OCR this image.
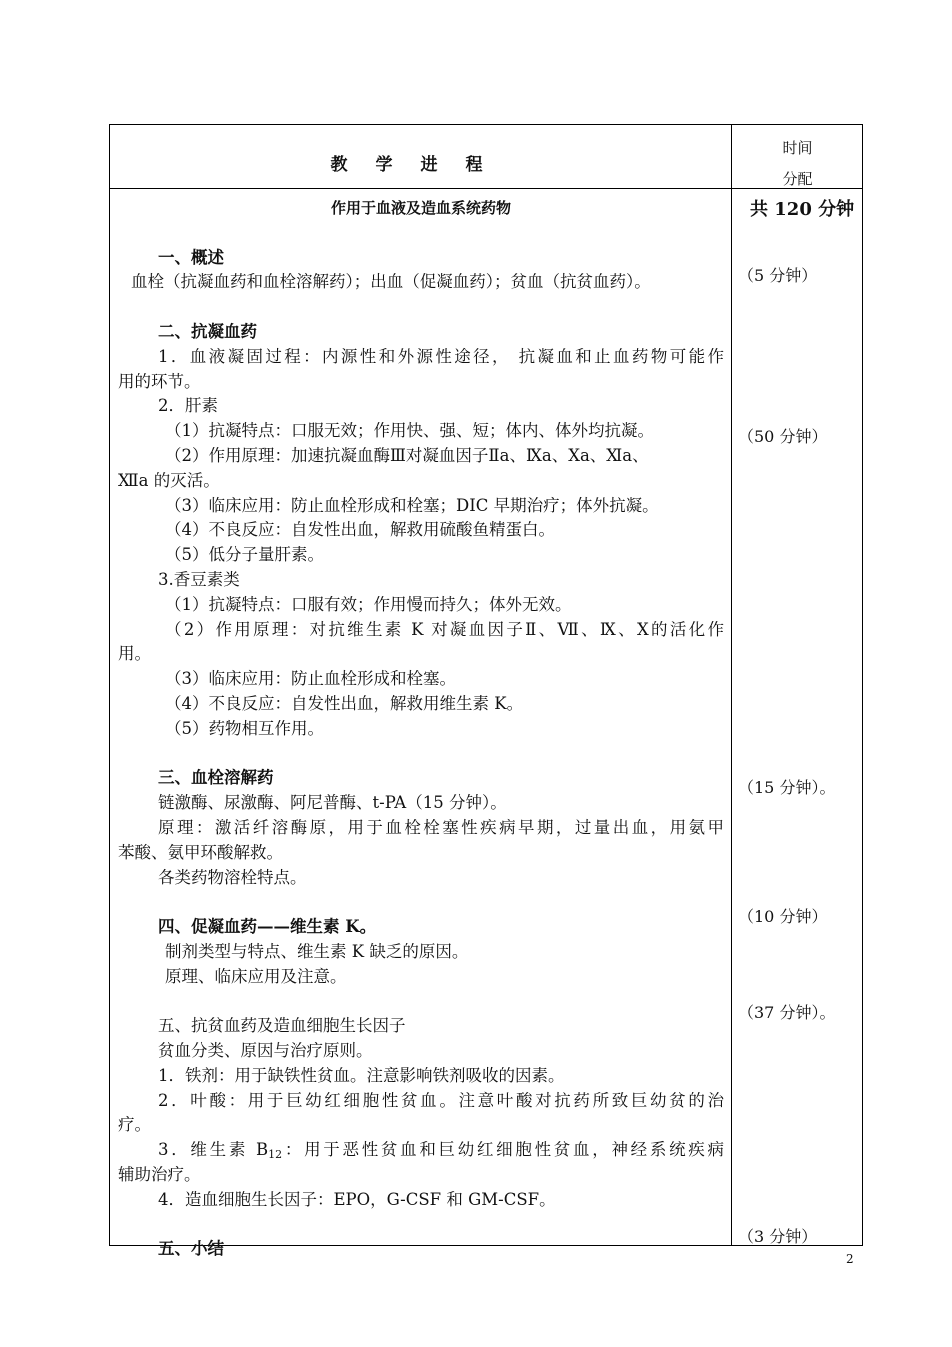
教学进程
时间
分配
作用于血液及造血系统药物
一、概述
血栓（抗凝血药和血栓溶解药）；出血（促凝血药）；贫血（抗贫血药）。
二、抗凝血药
1．血液凝固过程：内源性和外源性途径， 抗凝血和止血药物可能作
用的环节。
2．肝素
（1）抗凝特点：口服无效；作用快、强、短；体内、体外均抗凝。
（2）作用原理：加速抗凝血酶Ⅲ对凝血因子Ⅱa、Ⅸa、Ⅹa、Ⅺa、
Ⅻa 的灭活。
（3）临床应用：防止血栓形成和栓塞；DIC 早期治疗；体外抗凝。
（4）不良反应：自发性出血，解救用硫酸鱼精蛋白。
（5）低分子量肝素。
3.香豆素类
（1）抗凝特点：口服有效；作用慢而持久；体外无效。
（2）作用原理：对抗维生素 K 对凝血因子Ⅱ、Ⅶ、Ⅸ、Ⅹ的活化作
用。
（3）临床应用：防止血栓形成和栓塞。
（4）不良反应：自发性出血，解救用维生素 K。
（5）药物相互作用。
三、血栓溶解药
链激酶、尿激酶、阿尼普酶、t-PA（15 分钟）。
原理：激活纤溶酶原，用于血栓栓塞性疾病早期，过量出血，用氨甲
苯酸、氨甲环酸解救。
各类药物溶栓特点。
四、促凝血药——维生素 K。
制剂类型与特点、维生素 K 缺乏的原因。
原理、临床应用及注意。
五、抗贫血药及造血细胞生长因子
贫血分类、原因与治疗原则。
1．铁剂：用于缺铁性贫血。注意影响铁剂吸收的因素。
2．叶酸：用于巨幼红细胞性贫血。注意叶酸对抗药所致巨幼贫的治
疗。
3．维生素 $B_{12}$：用于恶性贫血和巨幼红细胞性贫血，神经系统疾病
辅助治疗。
4．造血细胞生长因子：EPO，G-CSF 和 GM-CSF。
五、小结
共 120 分钟
（5 分钟）
（50 分钟）
（15 分钟）。
（10 分钟）
（37 分钟）。
（3 分钟）
2
